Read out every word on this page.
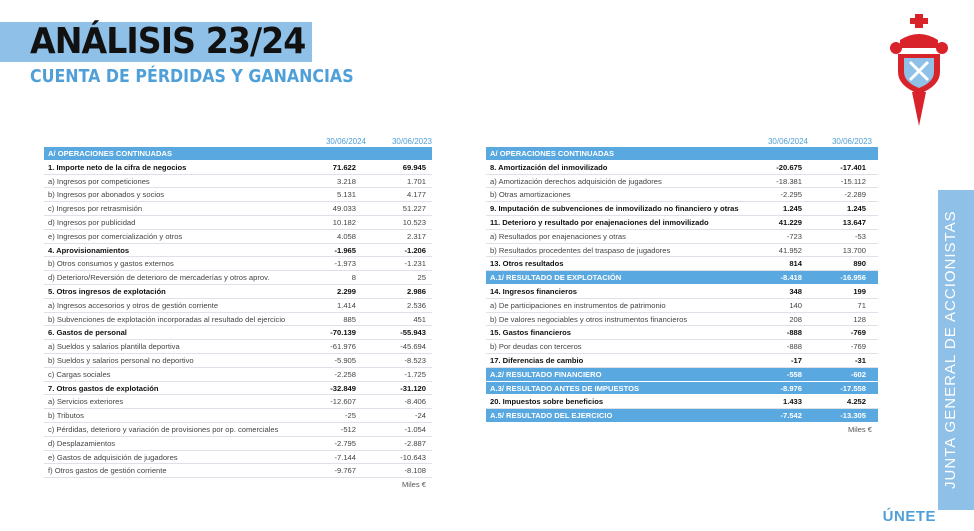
ANÁLISIS 23/24
CUENTA DE PÉRDIDAS Y GANANCIAS
30/06/2024	30/06/2023
A/ OPERACIONES CONTINUADAS
1. Importe neto de la cifra de negocios	71.622	69.945
a) Ingresos por competiciones	3.218	1.701
b) Ingresos por abonados y socios	5.131	4.177
c) Ingresos por retrasmisión	49.033	51.227
d) Ingresos por publicidad	10.182	10.523
e) Ingresos por comercialización y otros	4.058	2.317
4. Aprovisionamientos	-1.965	-1.206
b) Otros consumos y gastos externos	-1.973	-1.231
d) Deterioro/Reversión de deterioro de mercaderías y otros aprov.	8	25
5. Otros ingresos de explotación	2.299	2.986
a) Ingresos accesorios y otros de gestión corriente	1.414	2.536
b) Subvenciones de explotación incorporadas al resultado del ejercicio	885	451
6. Gastos de personal	-70.139	-55.943
a) Sueldos y salarios plantilla deportiva	-61.976	-45.694
b) Sueldos y salarios personal no deportivo	-5.905	-8.523
c) Cargas sociales	-2.258	-1.725
7. Otros gastos de explotación	-32.849	-31.120
a) Servicios exteriores	-12.607	-8.406
b) Tributos	-25	-24
c) Pérdidas, deterioro y variación de provisiones por op. comerciales	-512	-1.054
d) Desplazamientos	-2.795	-2.887
e) Gastos de adquisición de jugadores	-7.144	-10.643
f) Otros gastos de gestión corriente	-9.767	-8.108
Miles €
30/06/2024	30/06/2023
A/ OPERACIONES CONTINUADAS
8. Amortización del inmovilizado	-20.675	-17.401
a) Amortización derechos adquisición de jugadores	-18.381	-15.112
b) Otras amortizaciones	-2.295	-2.289
9. Imputación de subvenciones de inmovilizado no financiero y otras	1.245	1.245
11. Deterioro y resultado por enajenaciones del inmovilizado	41.229	13.647
a) Resultados por enajenaciones y otras	-723	-53
b) Resultados procedentes del traspaso de jugadores	41.952	13.700
13. Otros resultados	814	890
A.1/ RESULTADO DE EXPLOTACIÓN	-8.418	-16.956
14. Ingresos financieros	348	199
a) De participaciones en instrumentos de patrimonio	140	71
b) De valores negociables y otros instrumentos financieros	208	128
15. Gastos financieros	-888	-769
b) Por deudas con terceros	-888	-769
17. Diferencias de cambio	-17	-31
A.2/ RESULTADO FINANCIERO	-558	-602
A.3/ RESULTADO ANTES DE IMPUESTOS	-8.976	-17.558
20. Impuestos sobre beneficios	1.433	4.252
A.5/ RESULTADO DEL EJERCICIO	-7.542	-13.305
Miles €	JUNTA GENERAL DE ACCIONISTAS
ÚNETE
